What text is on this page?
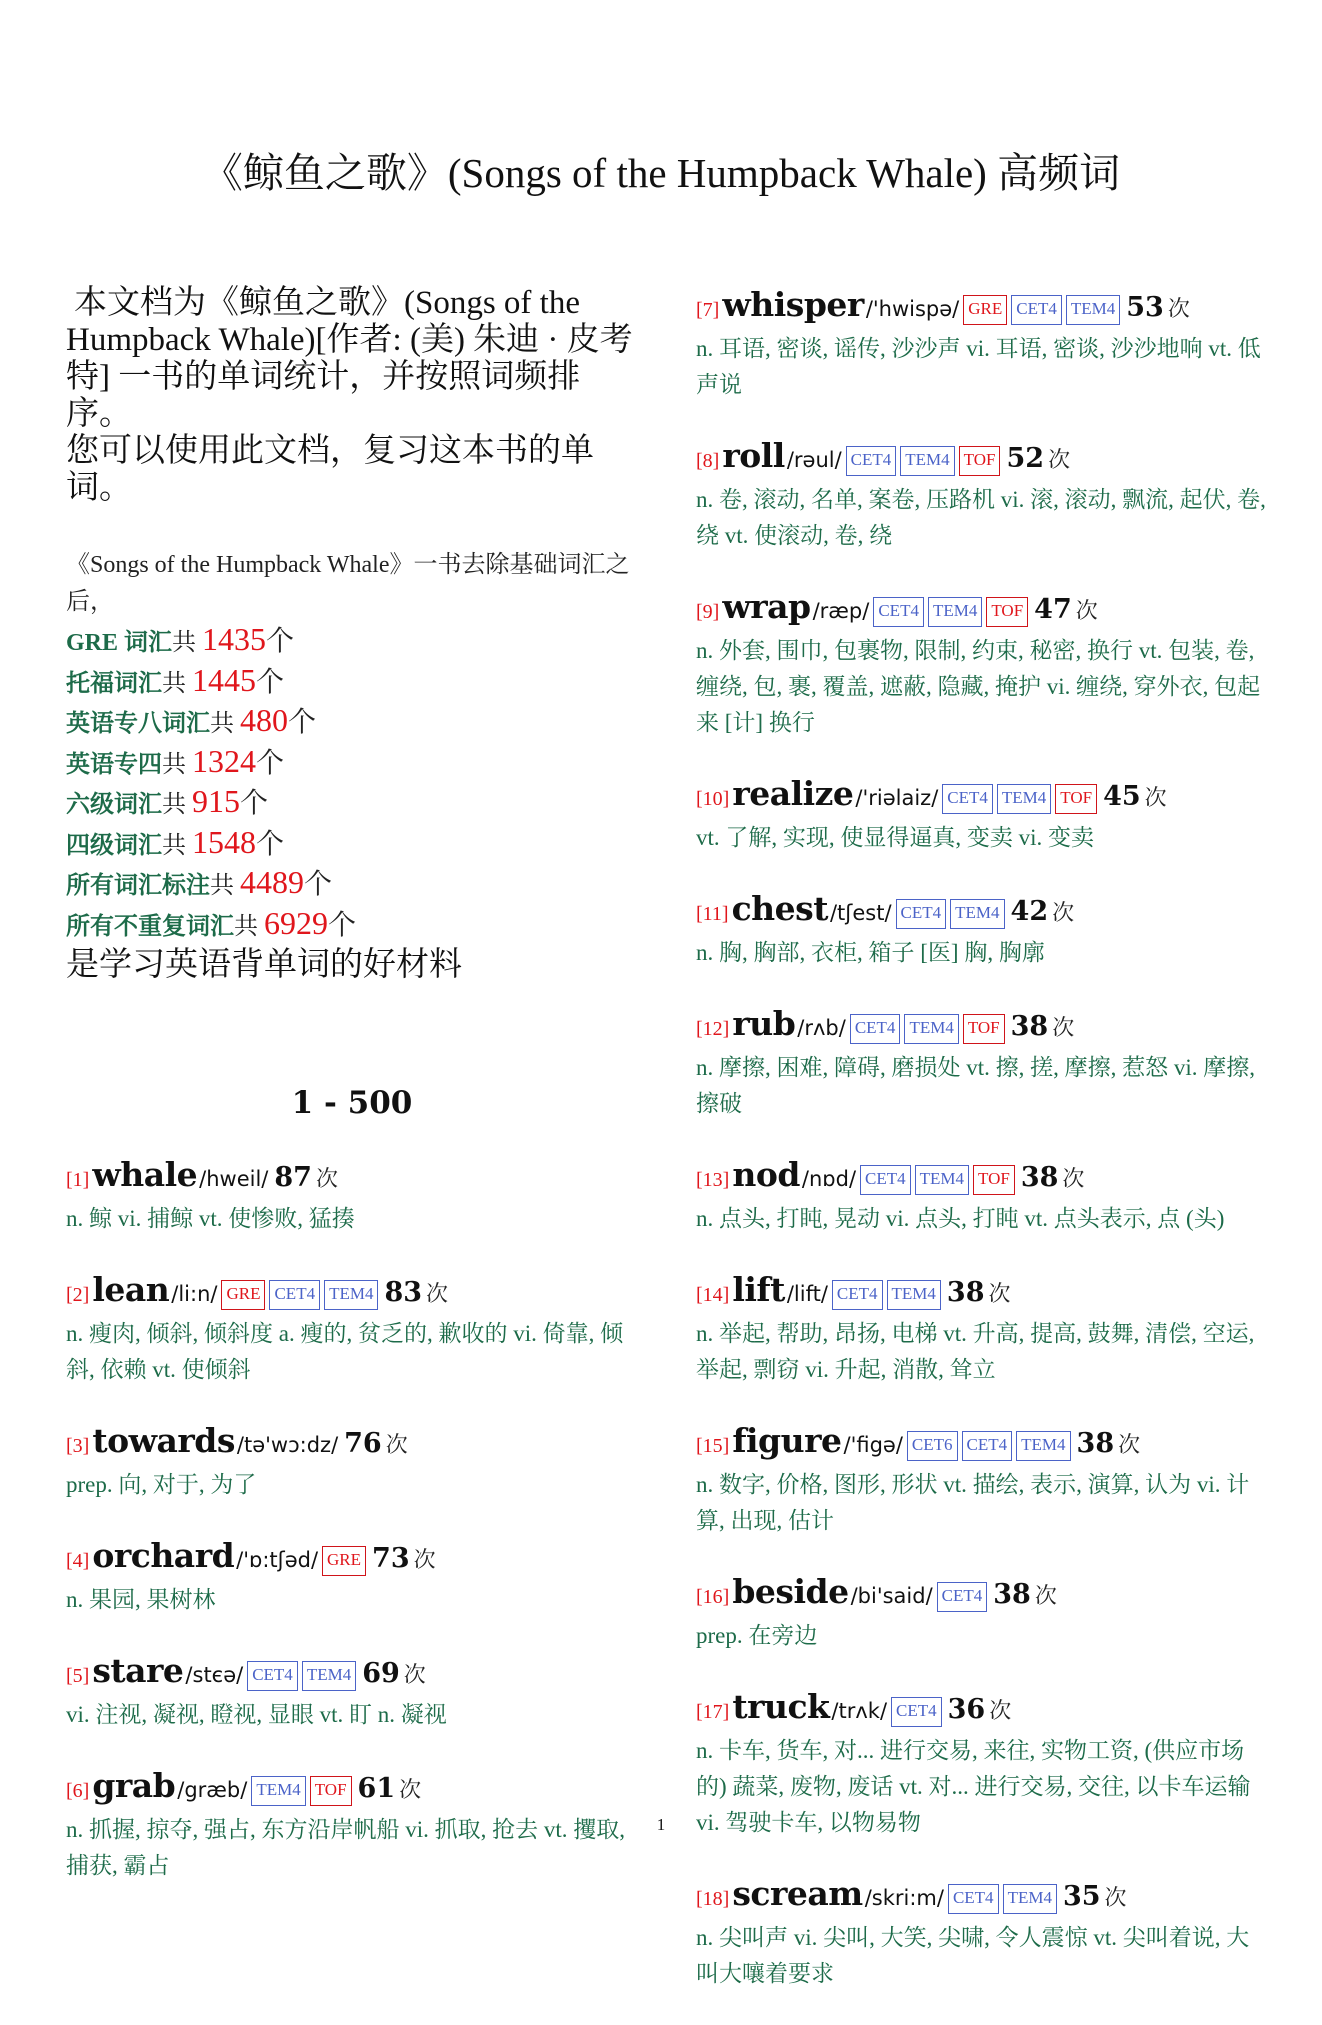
《鲸鱼之歌》(Songs of the Humpback Whale) 高频词

本文档为《鲸鱼之歌》(Songs of the Humpback Whale)[作者: (美) 朱迪 · 皮考特] 一书的单词统计，并按照词频排序。

您可以使用此文档，复习这本书的单词。

《Songs of the Humpback Whale》一书去除基础词汇之后，
GRE 词汇共 1435个
托福词汇共 1445个
英语专八词汇共 480个
英语专四共 1324个
六级词汇共 915个
四级词汇共 1548个
所有词汇标注共 4489个
所有不重复词汇共 6929个
是学习英语背单词的好材料
1 - 500
[1]whale/hweil/ 87 次
n. 鲸 vi. 捕鲸 vt. 使惨败, 猛揍
[2]lean/li:n/ GRE CET4 TEM4 83 次
n. 瘦肉, 倾斜, 倾斜度 a. 瘦的, 贫乏的, 歉收的 vi. 倚靠, 倾斜, 依赖 vt. 使倾斜
[3]towards/tə'wɔ:dz/ 76 次
prep. 向, 对于, 为了
[4]orchard/'ɒ:tʃəd/ GRE 73 次
n. 果园, 果树林
[5]stare/stєə/ CET4 TEM4 69 次
vi. 注视, 凝视, 瞪视, 显眼 vt. 盯 n. 凝视
[6]grab/græb/ TEM4 TOF 61 次
n. 抓握, 掠夺, 强占, 东方沿岸帆船 vi. 抓取, 抢去 vt. 攫取, 捕获, 霸占
[7]whisper/'hwispə/ GRE CET4 TEM4 53 次
n. 耳语, 密谈, 谣传, 沙沙声 vi. 耳语, 密谈, 沙沙地响 vt. 低声说
[8]roll/rəul/ CET4 TEM4 TOF 52 次
n. 卷, 滚动, 名单, 案卷, 压路机 vi. 滚, 滚动, 飘流, 起伏, 卷, 绕 vt. 使滚动, 卷, 绕
[9]wrap/ræp/ CET4 TEM4 TOF 47 次
n. 外套, 围巾, 包裹物, 限制, 约束, 秘密, 换行 vt. 包装, 卷, 缠绕, 包, 裹, 覆盖, 遮蔽, 隐藏, 掩护 vi. 缠绕, 穿外衣, 包起来 [计] 换行
[10]realize/'riəlaiz/ CET4 TEM4 TOF 45 次
vt. 了解, 实现, 使显得逼真, 变卖 vi. 变卖
[11]chest/tʃest/ CET4 TEM4 42 次
n. 胸, 胸部, 衣柜, 箱子 [医] 胸, 胸廓
[12]rub/rʌb/ CET4 TEM4 TOF 38 次
n. 摩擦, 困难, 障碍, 磨损处 vt. 擦, 搓, 摩擦, 惹怒 vi. 摩擦, 擦破
[13]nod/nɒd/ CET4 TEM4 TOF 38 次
n. 点头, 打盹, 晃动 vi. 点头, 打盹 vt. 点头表示, 点 (头)
[14]lift/lift/ CET4 TEM4 38 次
n. 举起, 帮助, 昂扬, 电梯 vt. 升高, 提高, 鼓舞, 清偿, 空运, 举起, 剽窃 vi. 升起, 消散, 耸立
[15]figure/'figə/ CET6 CET4 TEM4 38 次
n. 数字, 价格, 图形, 形状 vt. 描绘, 表示, 演算, 认为 vi. 计算, 出现, 估计
[16]beside/bi'said/ CET4 38 次
prep. 在旁边
[17]truck/trʌk/ CET4 36 次
n. 卡车, 货车, 对... 进行交易, 来往, 实物工资, (供应市场的) 蔬菜, 废物, 废话 vt. 对... 进行交易, 交往, 以卡车运输 vi. 驾驶卡车, 以物易物
[18]scream/skri:m/ CET4 TEM4 35 次
n. 尖叫声 vi. 尖叫, 大笑, 尖啸, 令人震惊 vt. 尖叫着说, 大叫大嚷着要求
1
